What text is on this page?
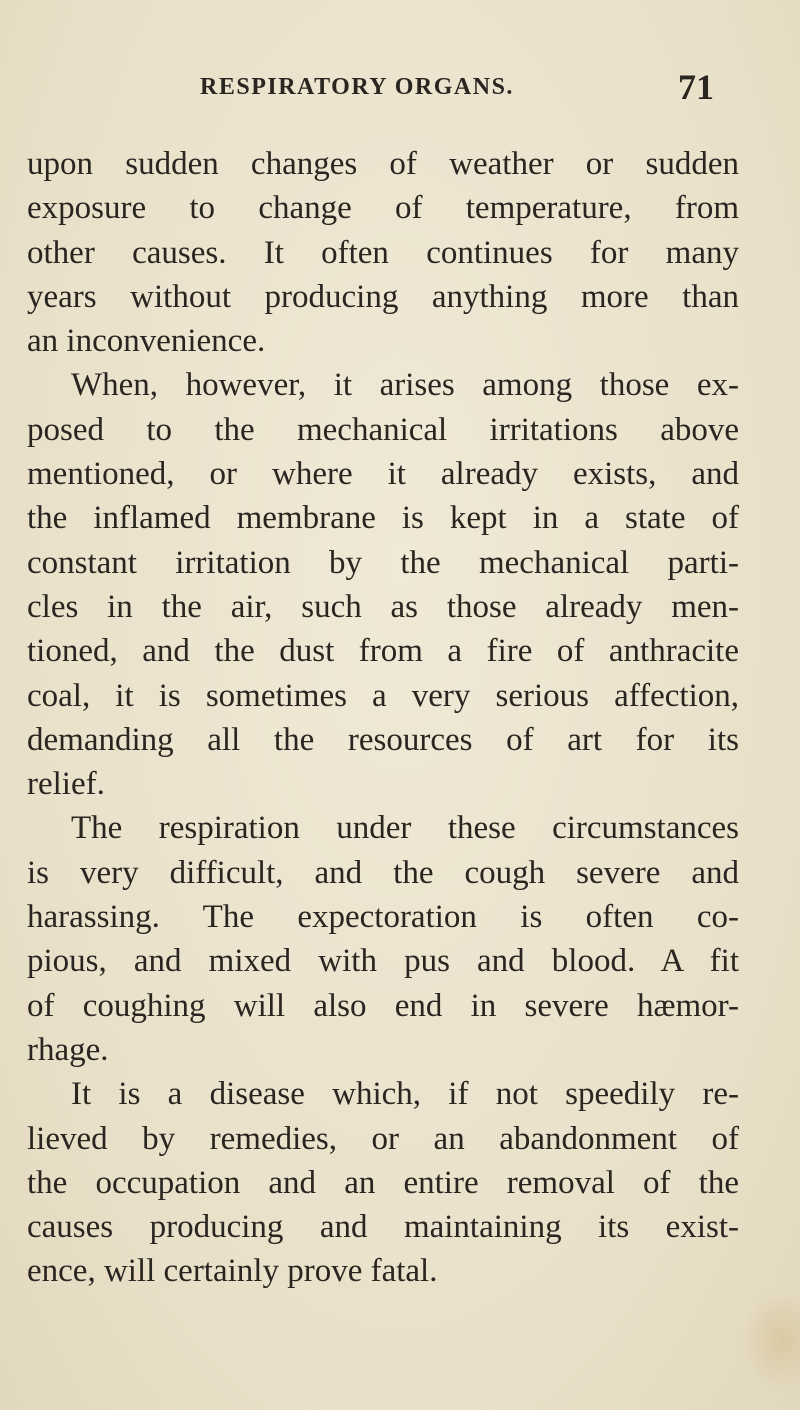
RESPIRATORY ORGANS.	71
upon sudden changes of weather or sudden
exposure to change of temperature, from
other causes. It often continues for many
years without producing anything more than
an inconvenience.
When, however, it arises among those ex-
posed to the mechanical irritations above
mentioned, or where it already exists, and
the inflamed membrane is kept in a state of
constant irritation by the mechanical parti-
cles in the air, such as those already men-
tioned, and the dust from a fire of anthracite
coal, it is sometimes a very serious affection,
demanding all the resources of art for its
relief.
The respiration under these circumstances
is very difficult, and the cough severe and
harassing. The expectoration is often co-
pious, and mixed with pus and blood. A fit
of coughing will also end in severe hæmor-
rhage.
It is a disease which, if not speedily re-
lieved by remedies, or an abandonment of
the occupation and an entire removal of the
causes producing and maintaining its exist-
ence, will certainly prove fatal.
